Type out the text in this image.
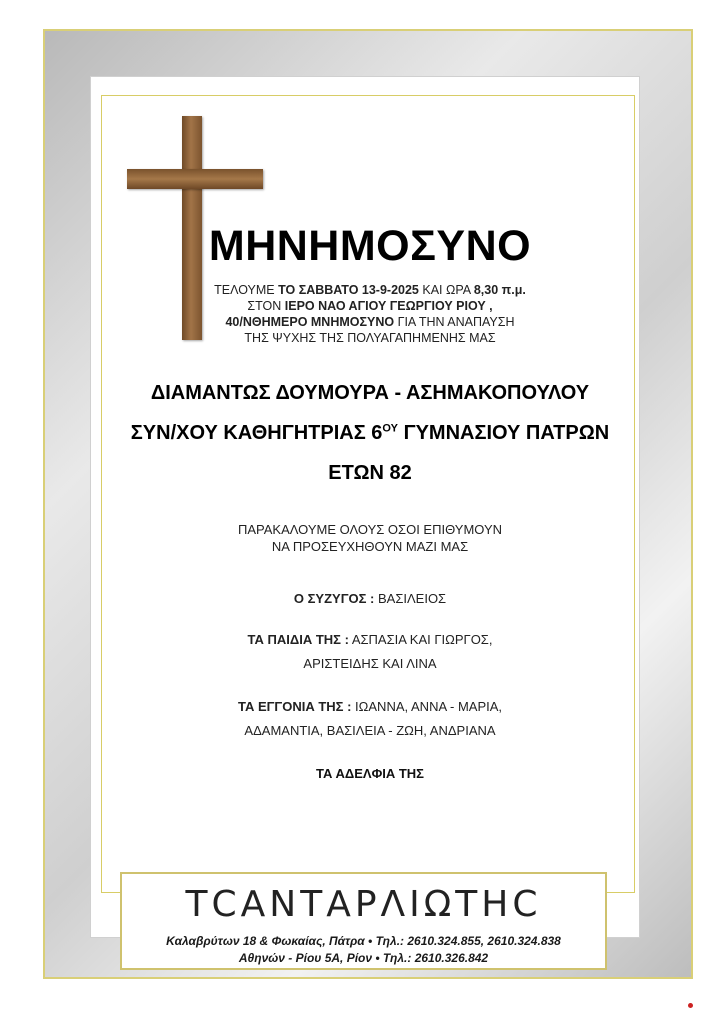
ΜΗΝΗΜΟΣΥΝΟ
ΤΕΛΟΥΜΕ ΤΟ ΣΑΒΒΑΤΟ 13-9-2025 ΚΑΙ ΩΡΑ 8,30 π.μ.
ΣΤΟΝ ΙΕΡΟ ΝΑΟ ΑΓΙΟΥ ΓΕΩΡΓΙΟΥ ΡΙΟΥ ,
40/ΝΘΗΜΕΡΟ ΜΝΗΜΟΣΥΝΟ ΓΙΑ ΤΗΝ ΑΝΑΠΑΥΣΗ
ΤΗΣ ΨΥΧΗΣ ΤΗΣ ΠΟΛΥΑΓΑΠΗΜΕΝΗΣ ΜΑΣ
ΔΙΑΜΑΝΤΩΣ ΔΟΥΜΟΥΡΑ - ΑΣΗΜΑΚΟΠΟΥΛΟΥ
ΣΥΝ/ΧΟΥ ΚΑΘΗΓΗΤΡΙΑΣ $6^{O\Upsilon}$ ΓΥΜΝΑΣΙΟΥ ΠΑΤΡΩΝ
ΕΤΩΝ 82
ΠΑΡΑΚΑΛΟΥΜΕ ΟΛΟΥΣ ΟΣΟΙ ΕΠΙΘΥΜΟΥΝ
ΝΑ ΠΡΟΣΕΥΧΗΘΟΥΝ ΜΑΖΙ ΜΑΣ
Ο ΣΥΖΥΓΟΣ : ΒΑΣΙΛΕΙΟΣ
ΤΑ ΠΑΙΔΙΑ ΤΗΣ : ΑΣΠΑΣΙΑ ΚΑΙ ΓΙΩΡΓΟΣ,
ΑΡΙΣΤΕΙΔΗΣ ΚΑΙ ΛΙΝΑ
ΤΑ ΕΓΓΟΝΙΑ ΤΗΣ : ΙΩΑΝΝΑ, ΑΝΝΑ - ΜΑΡΙΑ,
ΑΔΑΜΑΝΤΙΑ, ΒΑΣΙΛΕΙΑ - ΖΩΗ, ΑΝΔΡΙΑΝΑ
ΤΑ ΑΔΕΛΦΙΑ ΤΗΣ
ΤCΑΝΤΑΡΛΙΩΤΗC
Καλαβρύτων 18 & Φωκαίας, Πάτρα • Τηλ.: 2610.324.855, 2610.324.838
Αθηνών - Ρίου 5Α, Ρίον • Τηλ.: 2610.326.842
